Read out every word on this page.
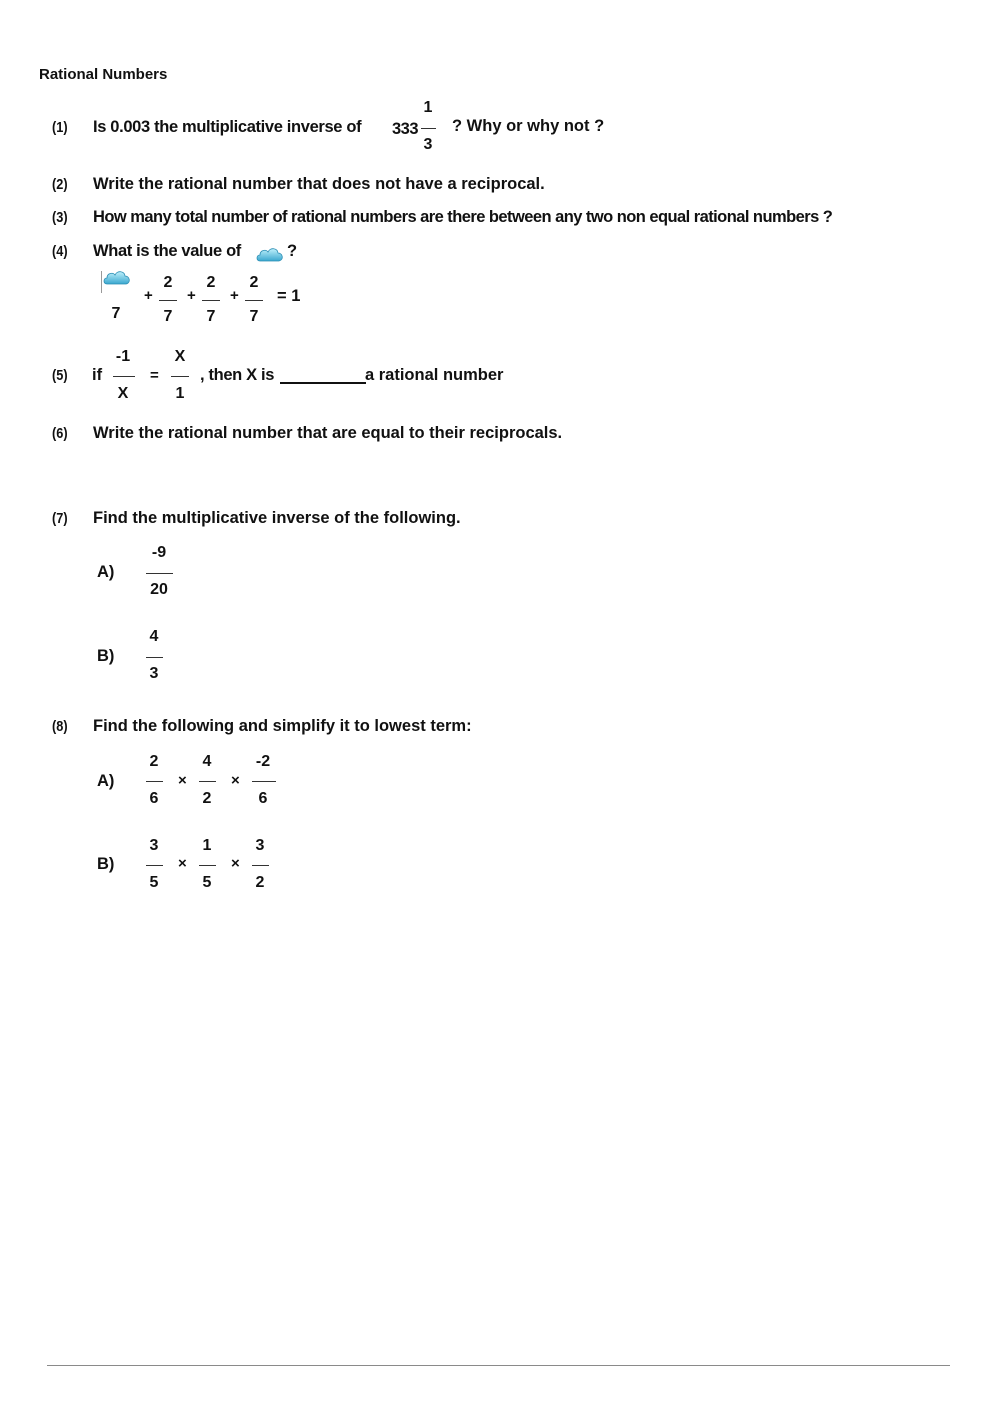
Rational Numbers
(1) Is 0.003 the multiplicative inverse of 333
1
3
? Why or why not ?
(2) Write the rational number that does not have a reciprocal.
(3) How many total number of rational numbers are there between any two non equal rational numbers ?
(4) What is the value of	?
7
+
2
7
+
2
7
+
2
7
= 1
(5) if
-1
X
=
X
1
, then X is	a rational number
(6) Write the rational number that are equal to their reciprocals.
(7) Find the multiplicative inverse of the following.
A)
-9
20
B)
4
3
(8) Find the following and simplify it to lowest term:
A)
2
6
×
4
2
×
-2
6
B)
3
5
×
1
5
×
3
2
